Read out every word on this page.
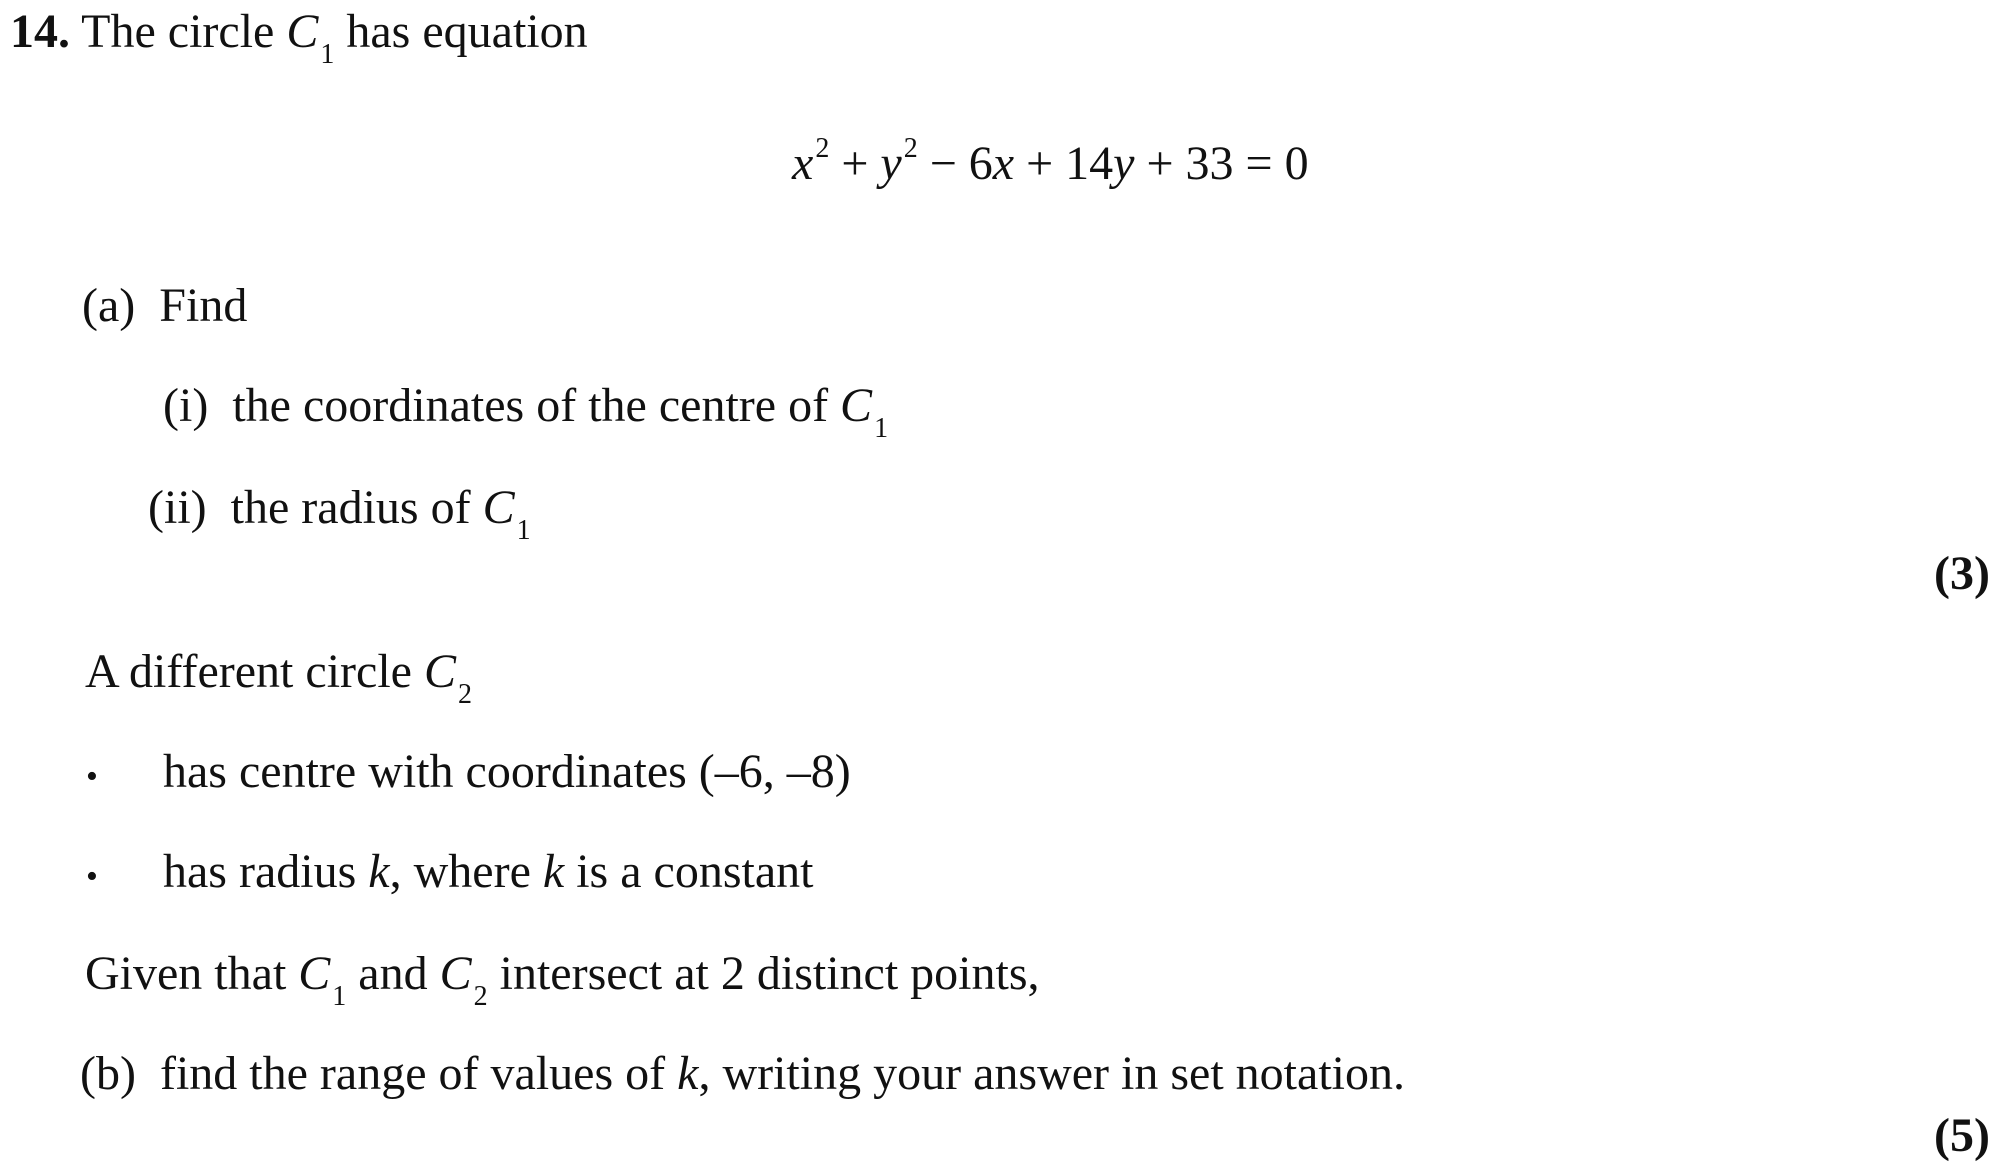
14. The circle $C_1$ has equation
$x^2 + y^2 - 6x + 14y + 33 = 0$
(a) Find
(i) the coordinates of the centre of $C_1$
(ii) the radius of $C_1$
(3)
A different circle $C_2$
• has centre with coordinates (–6, –8)
• has radius k, where k is a constant
Given that $C_1$ and $C_2$ intersect at 2 distinct points,
(b) find the range of values of k, writing your answer in set notation.
(5)
